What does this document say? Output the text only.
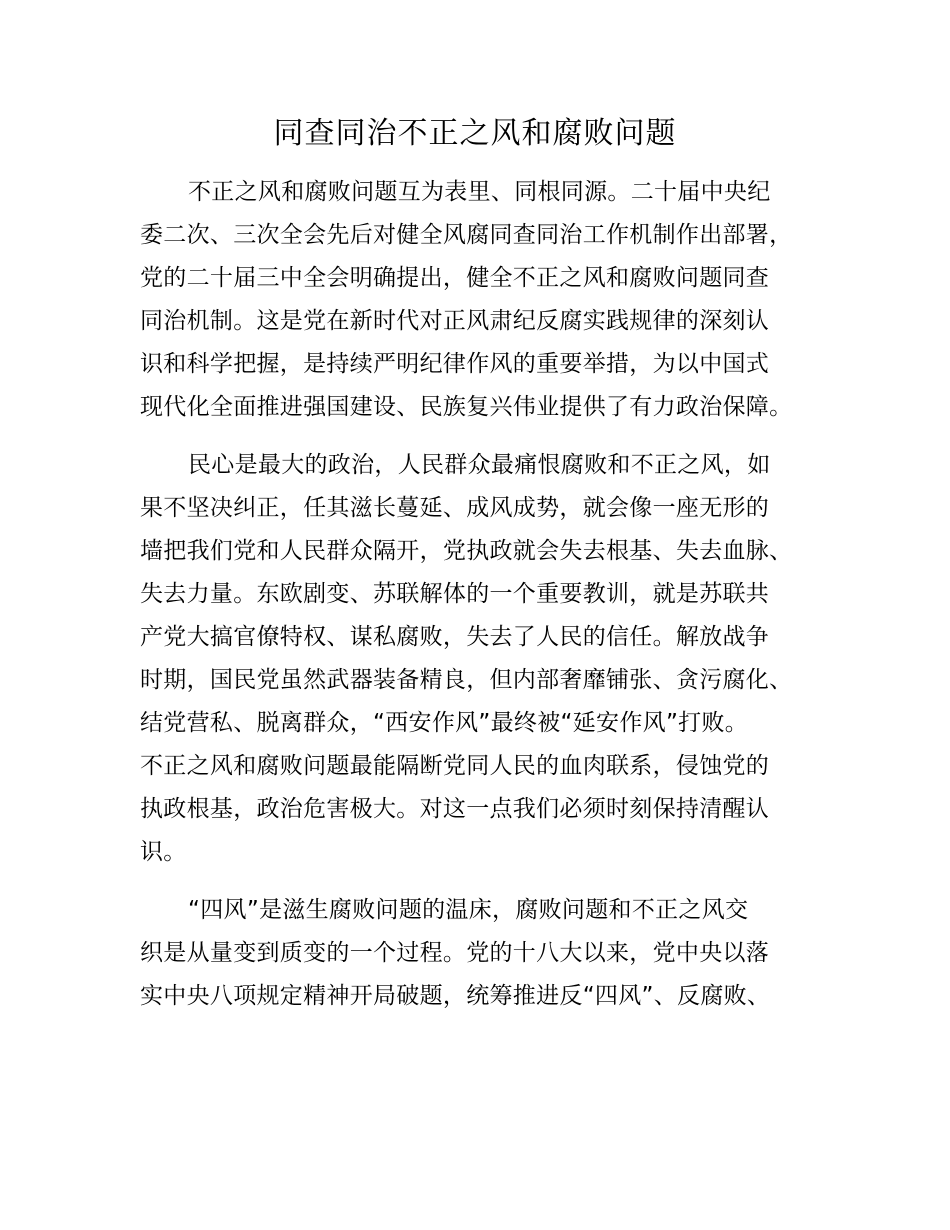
同查同治不正之风和腐败问题
不正之风和腐败问题互为表里、同根同源。二十届中央纪
委二次、三次全会先后对健全风腐同查同治工作机制作出部署，
党的二十届三中全会明确提出，健全不正之风和腐败问题同查
同治机制。这是党在新时代对正风肃纪反腐实践规律的深刻认
识和科学把握，是持续严明纪律作风的重要举措，为以中国式
现代化全面推进强国建设、民族复兴伟业提供了有力政治保障。
民心是最大的政治，人民群众最痛恨腐败和不正之风，如
果不坚决纠正，任其滋长蔓延、成风成势，就会像一座无形的
墙把我们党和人民群众隔开，党执政就会失去根基、失去血脉、
失去力量。东欧剧变、苏联解体的一个重要教训，就是苏联共
产党大搞官僚特权、谋私腐败，失去了人民的信任。解放战争
时期，国民党虽然武器装备精良，但内部奢靡铺张、贪污腐化、
结党营私、脱离群众，“西安作风”最终被“延安作风”打败。
不正之风和腐败问题最能隔断党同人民的血肉联系，侵蚀党的
执政根基，政治危害极大。对这一点我们必须时刻保持清醒认
识。
“四风”是滋生腐败问题的温床，腐败问题和不正之风交
织是从量变到质变的一个过程。党的十八大以来，党中央以落
实中央八项规定精神开局破题，统筹推进反“四风”、反腐败、
